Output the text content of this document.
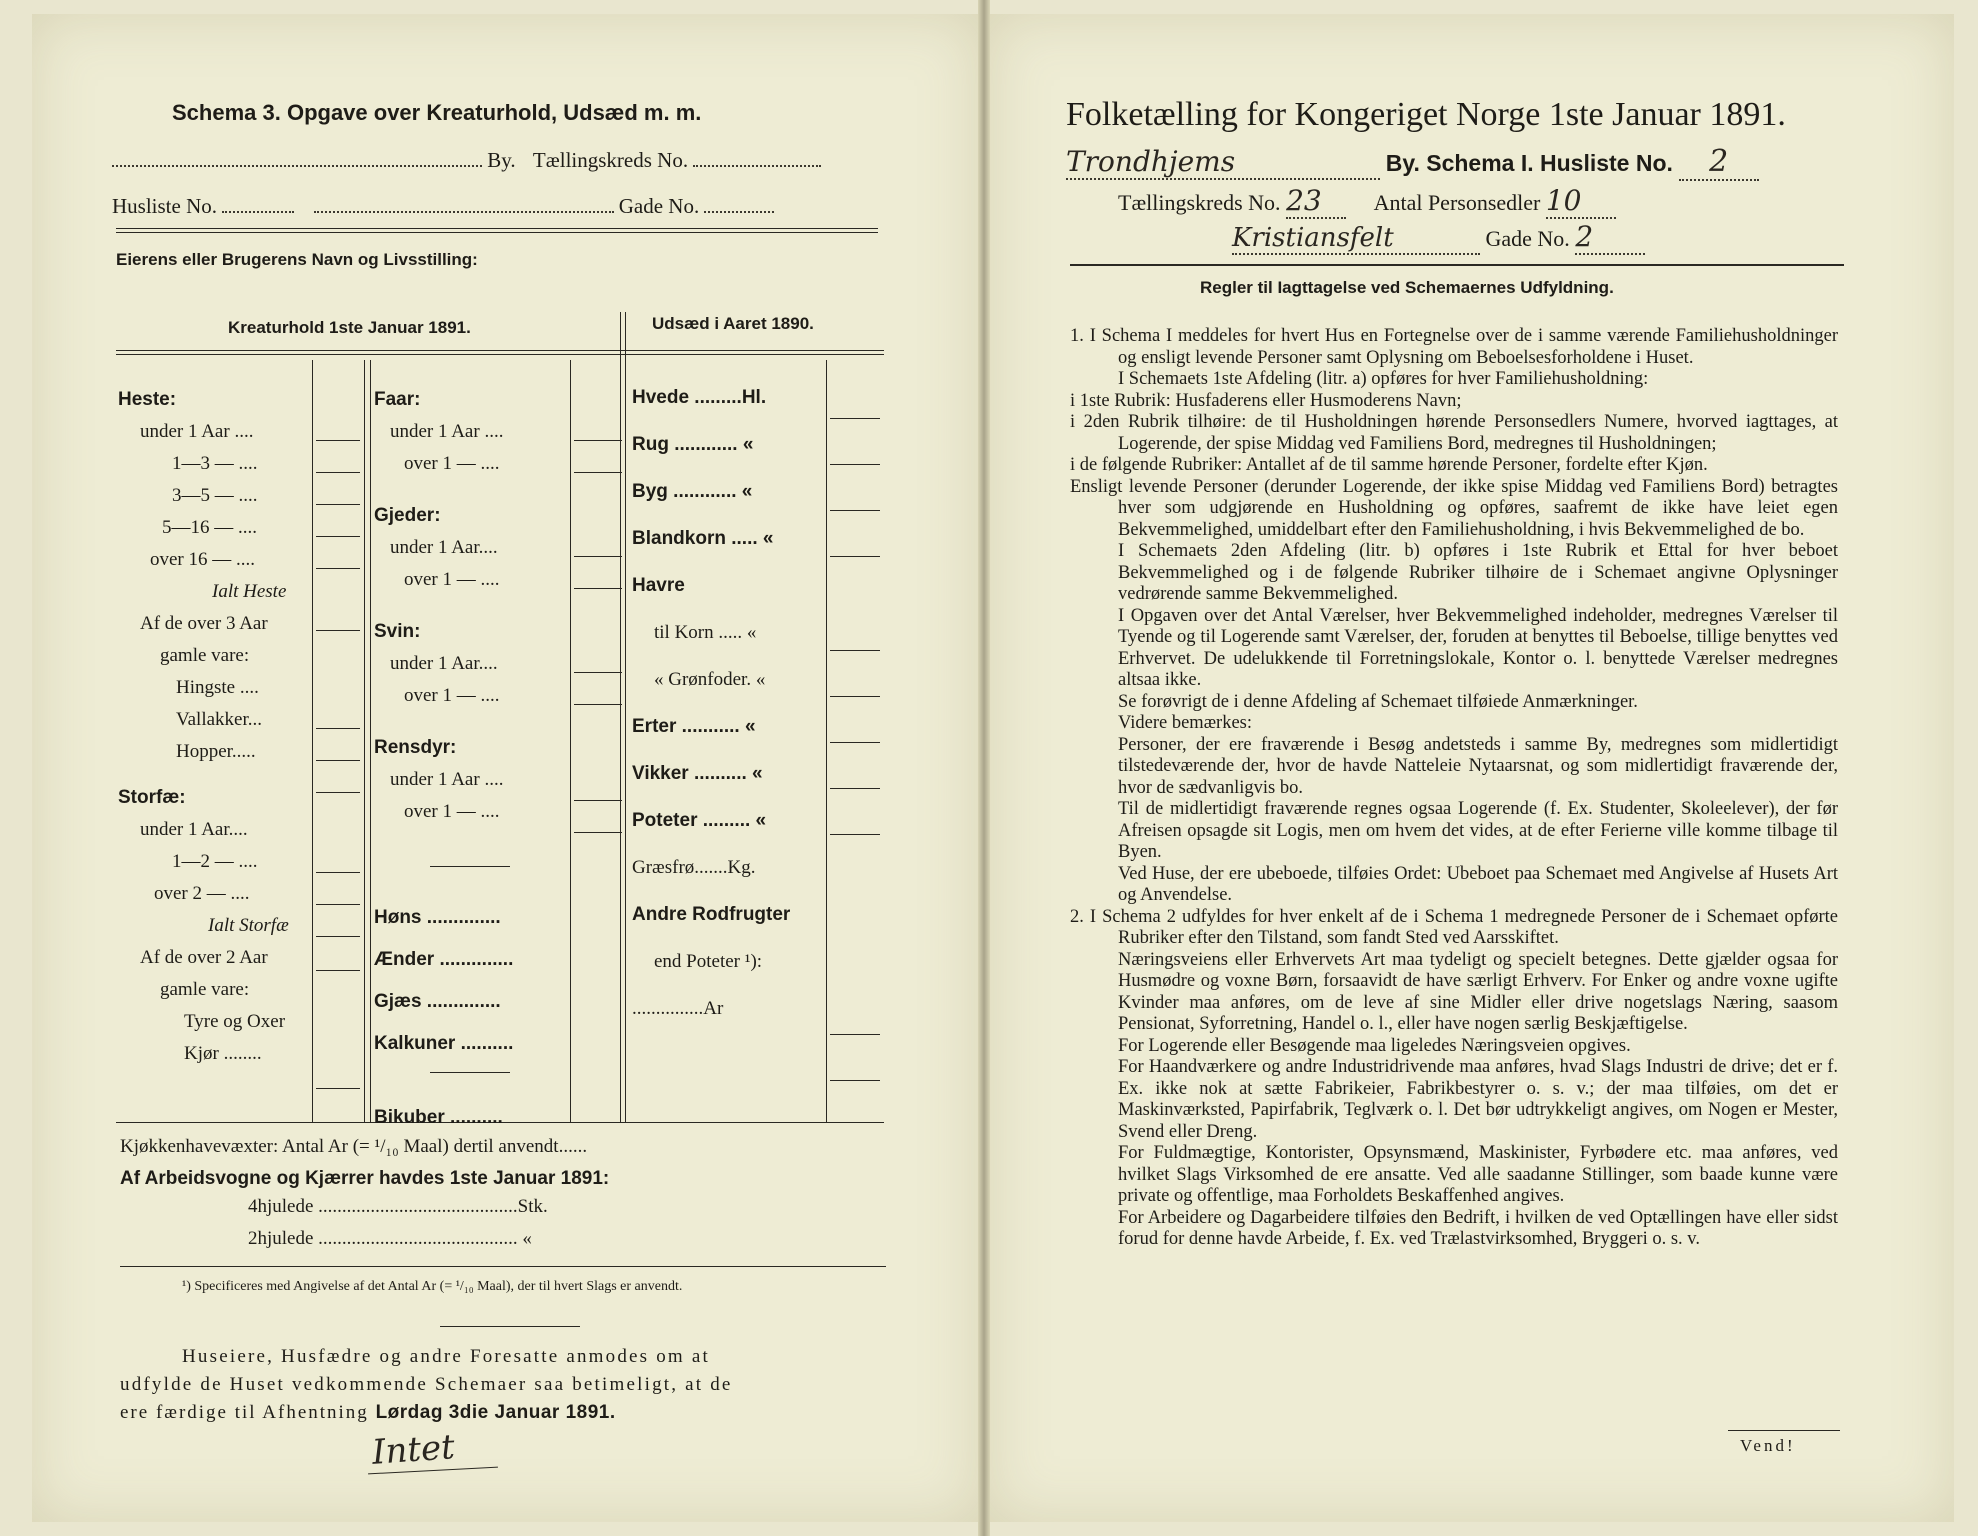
Schema 3. Opgave over Kreaturhold, Udsæd m. m.
By. Tællingskreds No.
Husliste No.	Gade No.
Eierens eller Brugerens Navn og Livsstilling:
Kreaturhold 1ste Januar 1891.	Udsæd i Aaret 1890.
Heste:
under 1 Aar ....
1—3 — ....
3—5 — ....
5—16 — ....
over 16 — ....
Ialt Heste
Af de over 3 Aar
gamle vare:
Hingste ....
Vallakker...
Hopper.....
Storfæ:
under 1 Aar....
1—2 — ....
over 2 — ....
Ialt Storfæ
Af de over 2 Aar
gamle vare:
Tyre og Oxer
Kjør ........
Faar:
under 1 Aar ....
over 1 — ....
Gjeder:
under 1 Aar....
over 1 — ....
Svin:
under 1 Aar....
over 1 — ....
Rensdyr:
under 1 Aar ....
over 1 — ....
Høns ..............
Ænder ..............
Gjæs ..............
Kalkuner ..........
Bikuber ..........
Hvede .........Hl.
Rug ............ «
Byg ............ «
Blandkorn ..... «
Havre
til Korn ..... «
« Grønfoder. «
Erter ........... «
Vikker .......... «
Poteter ......... «
Græsfrø.......Kg.
Andre Rodfrugter
end Poteter ¹):
...............Ar
Kjøkkenhavevæxter: Antal Ar (= ¹/₁₀ Maal) dertil anvendt......
Af Arbeidsvogne og Kjærrer havdes 1ste Januar 1891:
4hjulede ..........................................Stk.
2hjulede .......................................... «
¹) Specificeres med Angivelse af det Antal Ar (= ¹/₁₀ Maal), der til hvert Slags er anvendt.
Huseiere, Husfædre og andre Foresatte anmodes om at
udfylde de Huset vedkommende Schemaer saa betimeligt, at de
ere færdige til Afhentning Lørdag 3die Januar 1891.
Intet
Folketælling for Kongeriget Norge 1ste Januar 1891.
Trondhjems	By. Schema I. Husliste No. 2
Tællingskreds No. 23 Antal Personsedler 10
Kristiansfelt	Gade No. 2
Regler til Iagttagelse ved Schemaernes Udfyldning.

1. I Schema I meddeles for hvert Hus en Fortegnelse over de i samme værende Familiehusholdninger og ensligt levende Personer samt Oplysning om Beboelsesforholdene i Huset.

I Schemaets 1ste Afdeling (litr. a) opføres for hver Familiehusholdning:

i 1ste Rubrik: Husfaderens eller Husmoderens Navn;

i 2den Rubrik tilhøire: de til Husholdningen hørende Personsedlers Numere, hvorved iagttages, at Logerende, der spise Middag ved Familiens Bord, medregnes til Husholdningen;

i de følgende Rubriker: Antallet af de til samme hørende Personer, fordelte efter Kjøn.

Ensligt levende Personer (derunder Logerende, der ikke spise Middag ved Familiens Bord) betragtes hver som udgjørende en Husholdning og opføres, saafremt de ikke have leiet egen Bekvemmelighed, umiddelbart efter den Familiehusholdning, i hvis Bekvemmelighed de bo.

I Schemaets 2den Afdeling (litr. b) opføres i 1ste Rubrik et Ettal for hver beboet Bekvemmelighed og i de følgende Rubriker tilhøire de i Schemaet angivne Oplysninger vedrørende samme Bekvemmelighed.

I Opgaven over det Antal Værelser, hver Bekvemmelighed indeholder, medregnes Værelser til Tyende og til Logerende samt Værelser, der, foruden at benyttes til Beboelse, tillige benyttes ved Erhvervet. De udelukkende til Forretningslokale, Kontor o. l. benyttede Værelser medregnes altsaa ikke.

Se forøvrigt de i denne Afdeling af Schemaet tilføiede Anmærkninger.

Videre bemærkes:

Personer, der ere fraværende i Besøg andetsteds i samme By, medregnes som midlertidigt tilstedeværende der, hvor de havde Natteleie Nytaarsnat, og som midlertidigt fraværende der, hvor de sædvanligvis bo.

Til de midlertidigt fraværende regnes ogsaa Logerende (f. Ex. Studenter, Skoleelever), der før Afreisen opsagde sit Logis, men om hvem det vides, at de efter Ferierne ville komme tilbage til Byen.

Ved Huse, der ere ubeboede, tilføies Ordet: Ubeboet paa Schemaet med Angivelse af Husets Art og Anvendelse.

2. I Schema 2 udfyldes for hver enkelt af de i Schema 1 medregnede Personer de i Schemaet opførte Rubriker efter den Tilstand, som fandt Sted ved Aarsskiftet.

Næringsveiens eller Erhvervets Art maa tydeligt og specielt betegnes. Dette gjælder ogsaa for Husmødre og voxne Børn, forsaavidt de have særligt Erhverv. For Enker og andre voxne ugifte Kvinder maa anføres, om de leve af sine Midler eller drive nogetslags Næring, saasom Pensionat, Syforretning, Handel o. l., eller have nogen særlig Beskjæftigelse.

For Logerende eller Besøgende maa ligeledes Næringsveien opgives.

For Haandværkere og andre Industridrivende maa anføres, hvad Slags Industri de drive; det er f. Ex. ikke nok at sætte Fabrikeier, Fabrikbestyrer o. s. v.; der maa tilføies, om det er Maskinværksted, Papirfabrik, Teglværk o. l. Det bør udtrykkeligt angives, om Nogen er Mester, Svend eller Dreng.

For Fuldmægtige, Kontorister, Opsynsmænd, Maskinister, Fyrbødere etc. maa anføres, ved hvilket Slags Virksomhed de ere ansatte. Ved alle saadanne Stillinger, som baade kunne være private og offentlige, maa Forholdets Beskaffenhed angives.

For Arbeidere og Dagarbeidere tilføies den Bedrift, i hvilken de ved Optællingen have eller sidst forud for denne havde Arbeide, f. Ex. ved Trælastvirksomhed, Bryggeri o. s. v.

Vend!
